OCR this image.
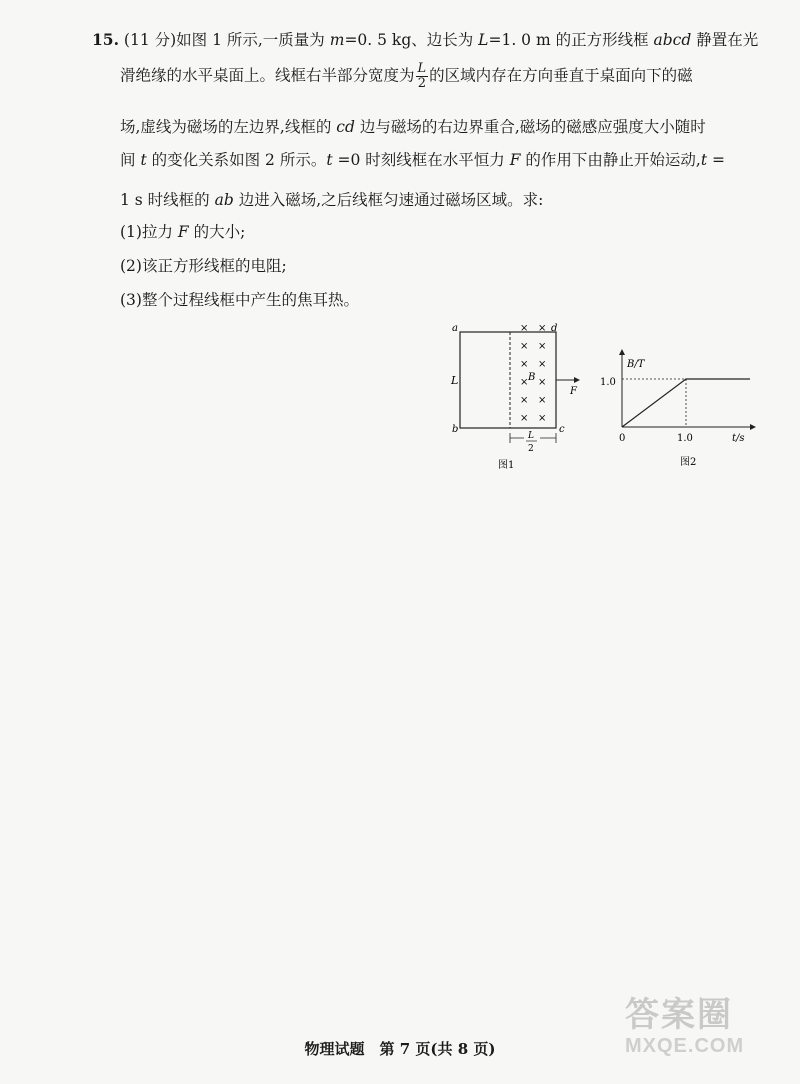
15. (11 分)如图 1 所示,一质量为 m=0. 5 kg、边长为 L=1. 0 m 的正方形线框 abcd 静置在光
滑绝缘的水平桌面上。线框右半部分宽度为 $\frac{L}{2}$ 的区域内存在方向垂直于桌面向下的磁
场,虚线为磁场的左边界,线框的 cd 边与磁场的右边界重合,磁场的磁感应强度大小随时
间 t 的变化关系如图 2 所示。t =0 时刻线框在水平恒力 F 的作用下由静止开始运动,t =
1 s 时线框的 ab 边进入磁场,之后线框匀速通过磁场区域。求:
(1)拉力 F 的大小;
(2)该正方形线框的电阻;
(3)整个过程线框中产生的焦耳热。
a
b	c
d
L
× ×
× ×
× ×
× ×
× ×
× ×
B
F
L
2
图1
B/T
t/s
0
1.0
1.0
图2
物理试题　第 7 页(共 8 页)
答案圈
MXQE.COM
